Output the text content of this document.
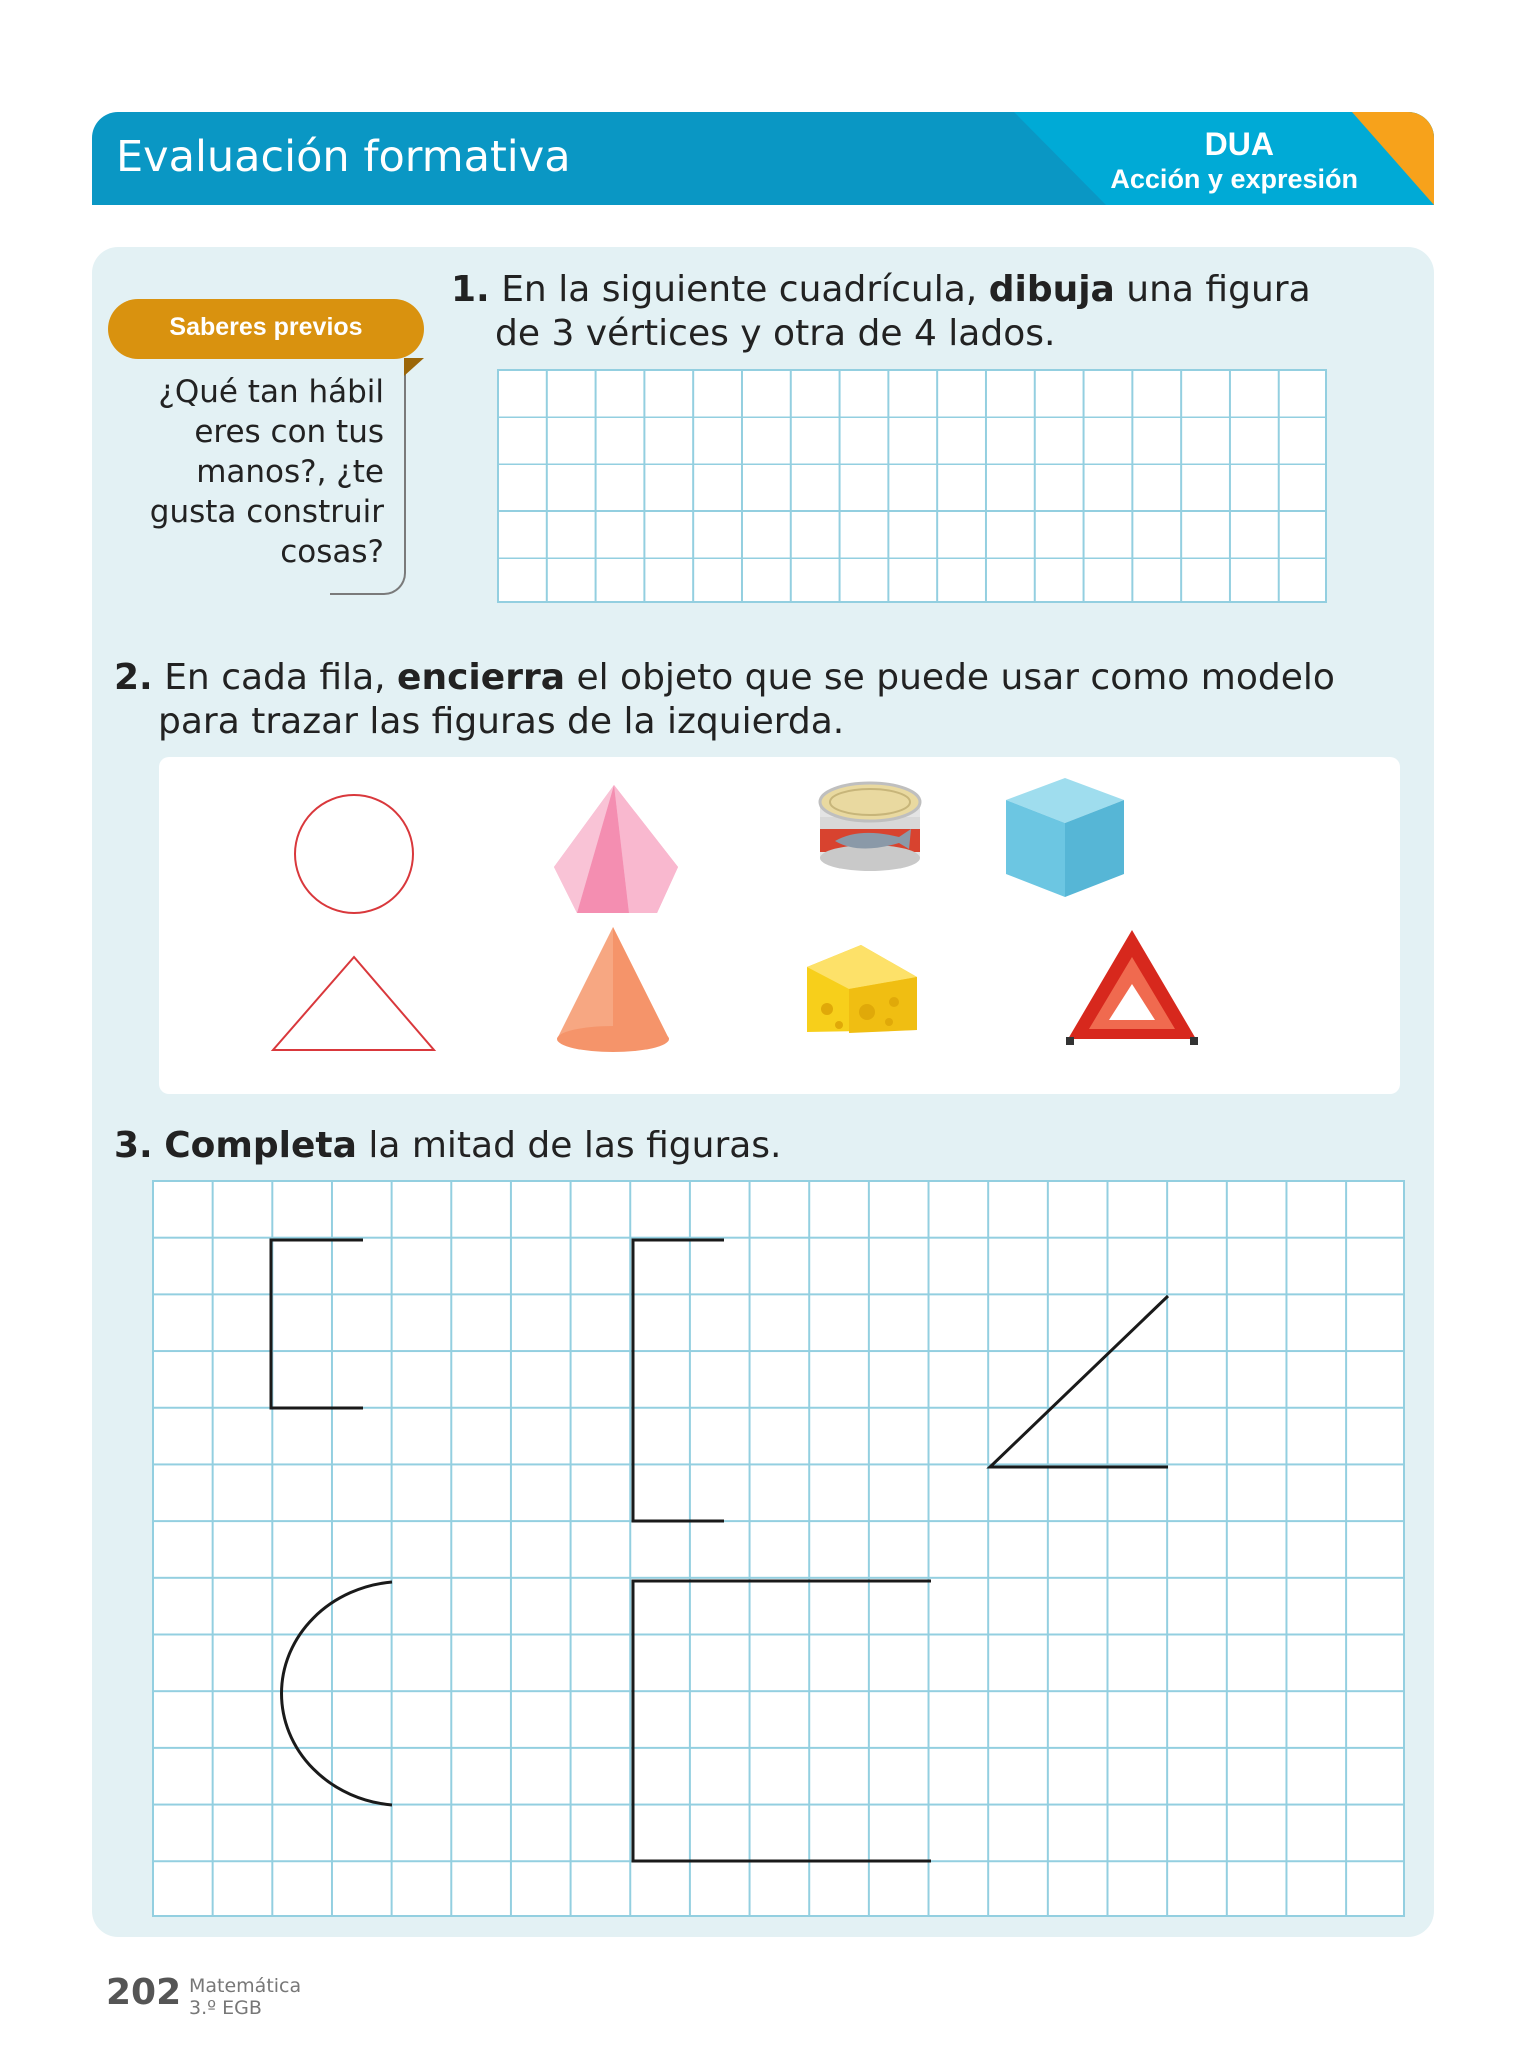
Evaluación formativa	DUA
Acción y expresión
Saberes previos
¿Qué tan hábil
eres con tus
manos?, ¿te
gusta construir
cosas?
1. En la siguiente cuadrícula, dibuja una figura
de 3 vértices y otra de 4 lados.
2. En cada fila, encierra el objeto que se puede usar como modelo
para trazar las figuras de la izquierda.
3. Completa la mitad de las figuras.
202 Matemática
3.º EGB
